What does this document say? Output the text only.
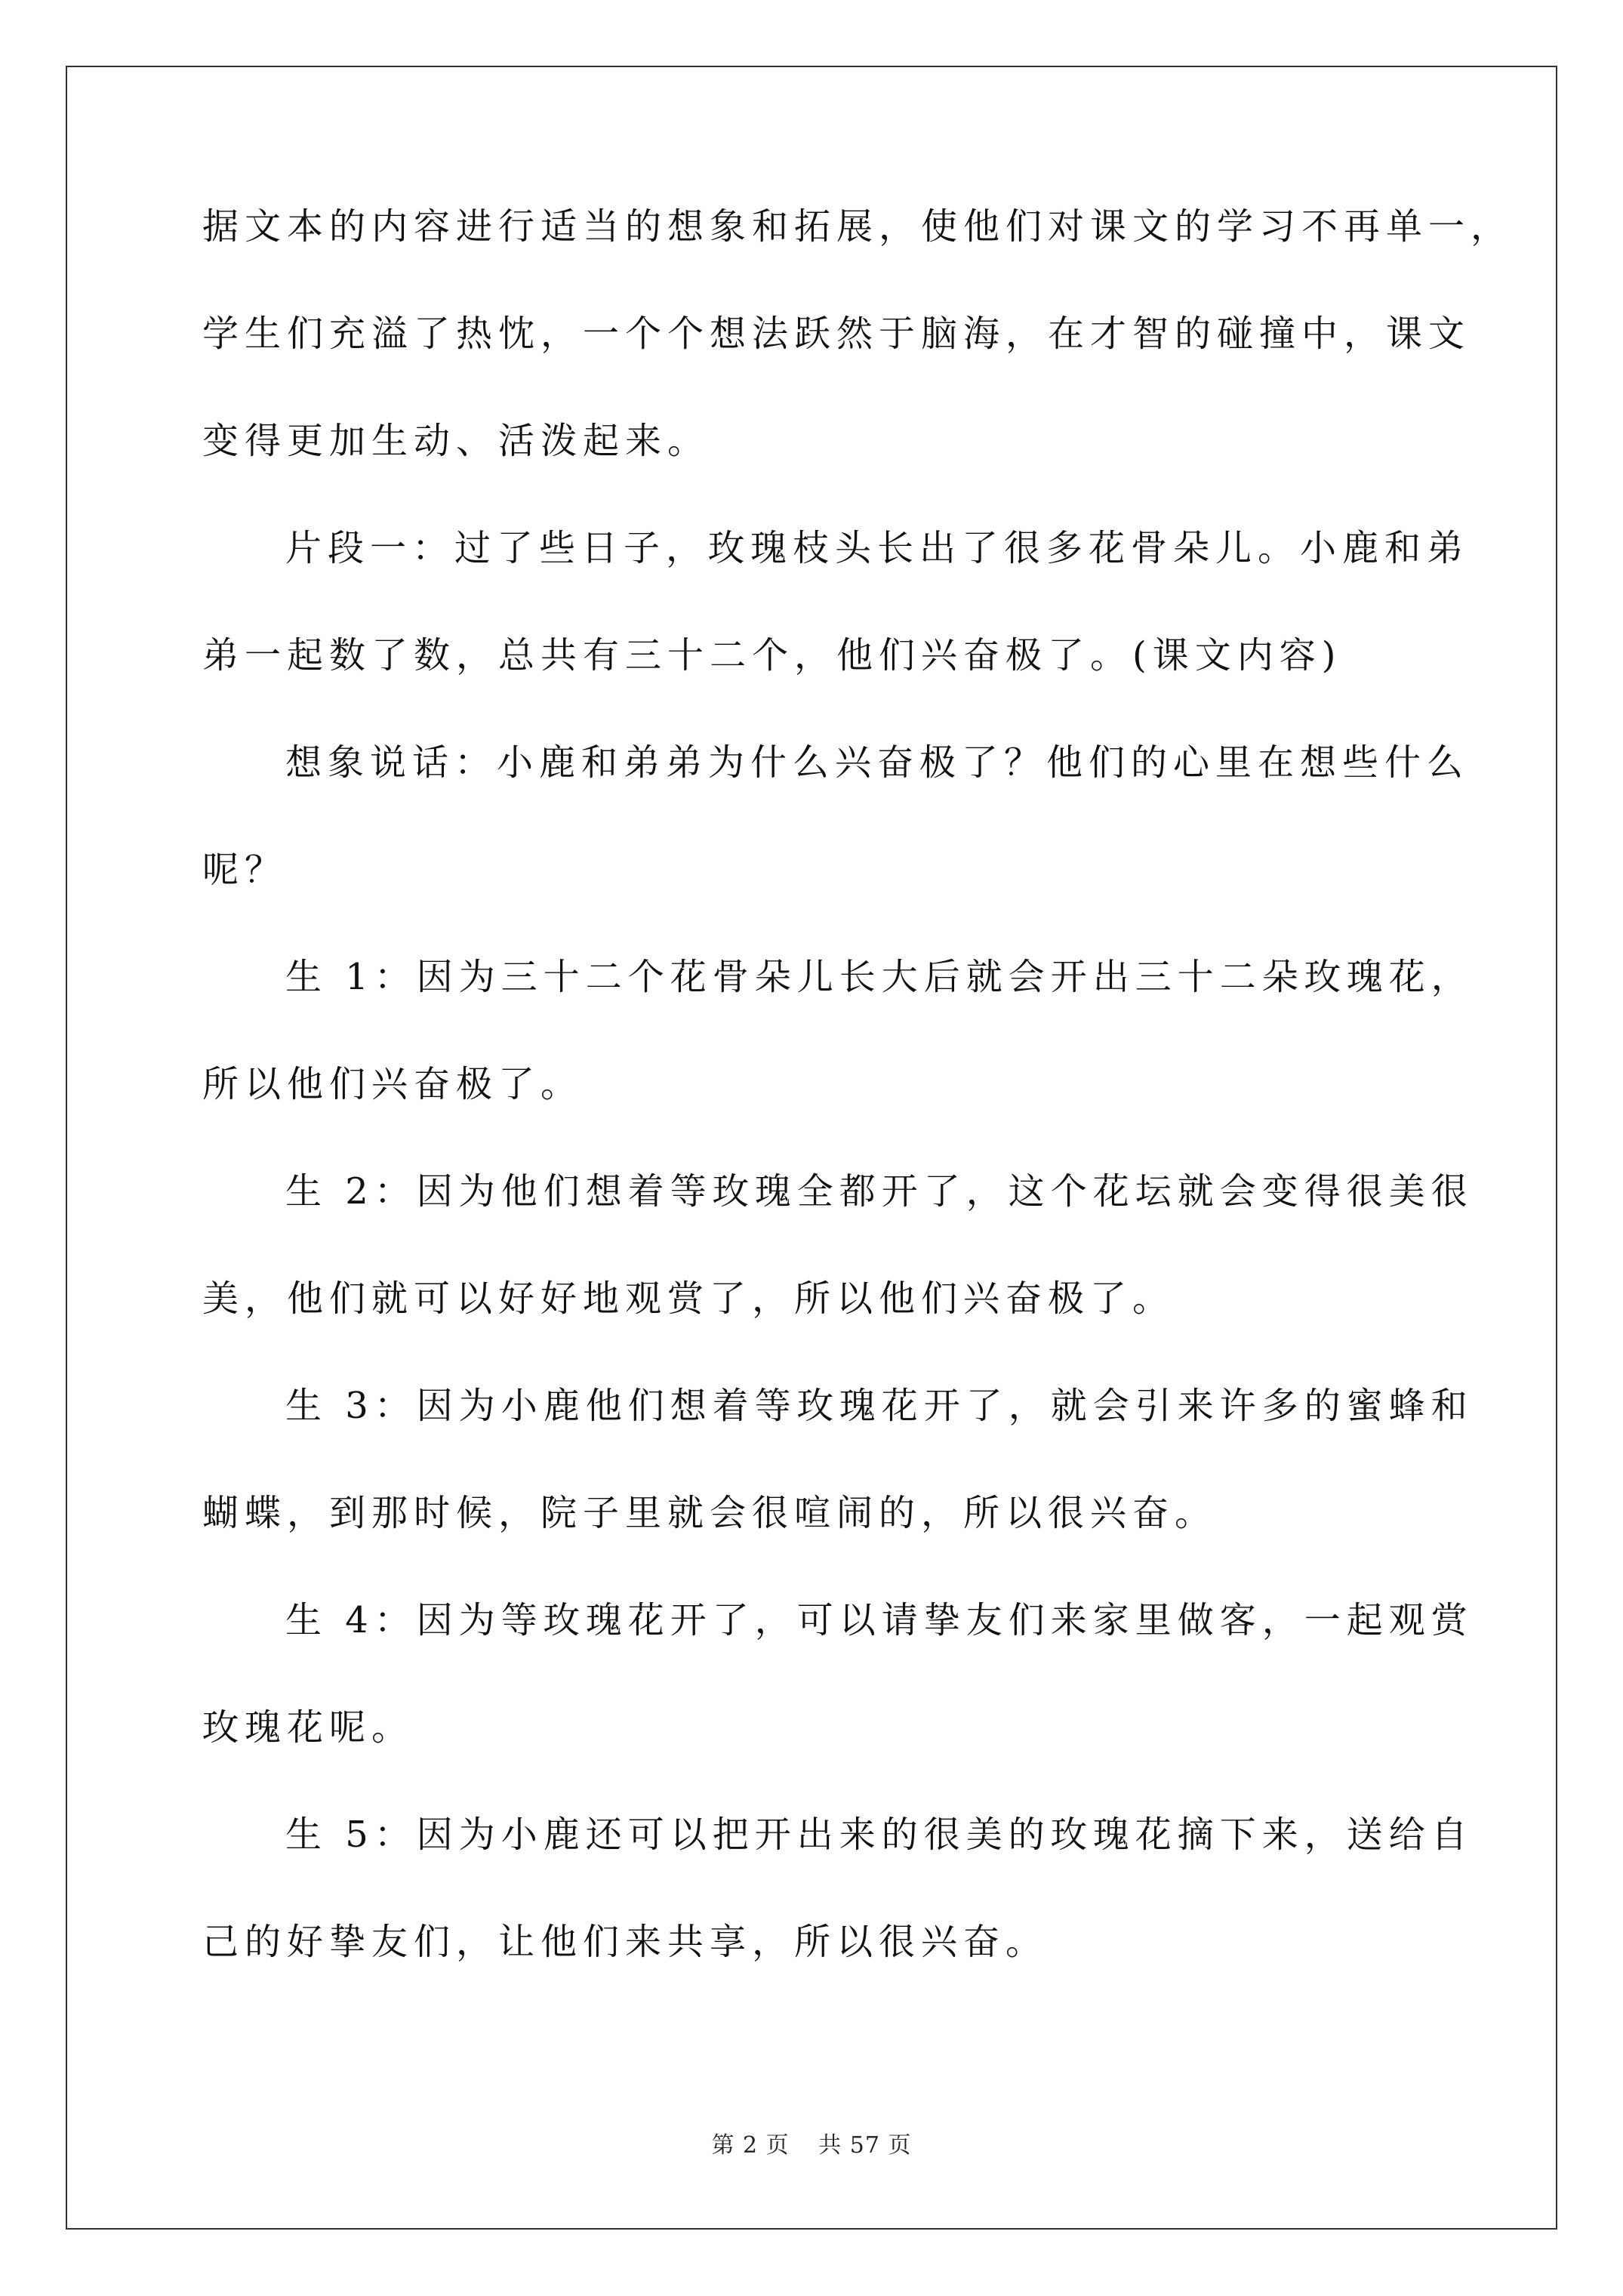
据文本的内容进行适当的想象和拓展，使他们对课文的学习不再单一，
学生们充溢了热忱，一个个想法跃然于脑海，在才智的碰撞中，课文
变得更加生动、活泼起来。
片段一：过了些日子，玫瑰枝头长出了很多花骨朵儿。小鹿和弟
弟一起数了数，总共有三十二个，他们兴奋极了。(课文内容)
想象说话：小鹿和弟弟为什么兴奋极了？他们的心里在想些什么
呢？
生 1：因为三十二个花骨朵儿长大后就会开出三十二朵玫瑰花，
所以他们兴奋极了。
生 2：因为他们想着等玫瑰全都开了，这个花坛就会变得很美很
美，他们就可以好好地观赏了，所以他们兴奋极了。
生 3：因为小鹿他们想着等玫瑰花开了，就会引来许多的蜜蜂和
蝴蝶，到那时候，院子里就会很喧闹的，所以很兴奋。
生 4：因为等玫瑰花开了，可以请挚友们来家里做客，一起观赏
玫瑰花呢。
生 5：因为小鹿还可以把开出来的很美的玫瑰花摘下来，送给自
己的好挚友们，让他们来共享，所以很兴奋。
第 2 页 共 57 页
